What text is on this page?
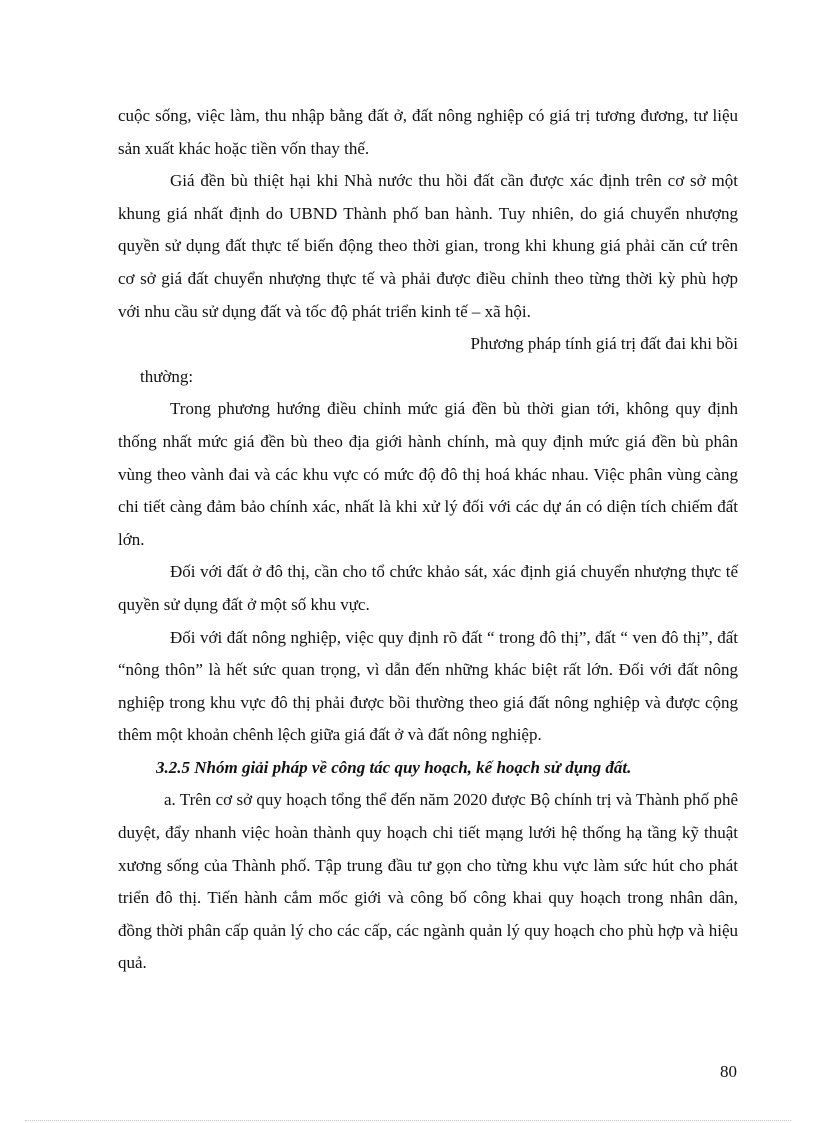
cuộc sống, việc làm, thu nhập bằng đất ở, đất nông nghiệp có giá trị tương đương, tư liệu sản xuất khác hoặc tiền vốn thay thế.

Giá đền bù thiệt hại khi Nhà nước thu hồi đất cần được xác định trên cơ sở một khung giá nhất định do UBND Thành phố ban hành. Tuy nhiên, do giá chuyển nhượng quyền sử dụng đất thực tế biến động theo thời gian, trong khi khung giá phải căn cứ trên cơ sở giá đất chuyển nhượng thực tế và phải được điều chỉnh theo từng thời kỳ phù hợp với nhu cầu sử dụng đất và tốc độ phát triển kinh tế – xã hội.

Phương pháp tính giá trị đất đai khi bồi

thường:

Trong phương hướng điều chỉnh mức giá đền bù thời gian tới, không quy định thống nhất mức giá đền bù theo địa giới hành chính, mà quy định mức giá đền bù phân vùng theo vành đai và các khu vực có mức độ đô thị hoá khác nhau. Việc phân vùng càng chi tiết càng đảm bảo chính xác, nhất là khi xử lý đối với các dự án có diện tích chiếm đất lớn.

Đối với đất ở đô thị, cần cho tổ chức khảo sát, xác định giá chuyển nhượng thực tế quyền sử dụng đất ở một số khu vực.

Đối với đất nông nghiệp, việc quy định rõ đất “ trong đô thị”, đất “ ven đô thị”, đất “nông thôn” là hết sức quan trọng, vì dẫn đến những khác biệt rất lớn. Đối với đất nông nghiệp trong khu vực đô thị phải được bồi thường theo giá đất nông nghiệp và được cộng thêm một khoản chênh lệch giữa giá đất ở và đất nông nghiệp.

3.2.5 Nhóm giải pháp về công tác quy hoạch, kế hoạch sử dụng đất.

a. Trên cơ sở quy hoạch tổng thể đến năm 2020 được Bộ chính trị và Thành phố phê duyệt, đẩy nhanh việc hoàn thành quy hoạch chi tiết mạng lưới hệ thống hạ tầng kỹ thuật xương sống của Thành phố. Tập trung đầu tư gọn cho từng khu vực làm sức hút cho phát triển đô thị. Tiến hành cắm mốc giới và công bố công khai quy hoạch trong nhân dân, đồng thời phân cấp quản lý cho các cấp, các ngành quản lý quy hoạch cho phù hợp và hiệu quả.

80
